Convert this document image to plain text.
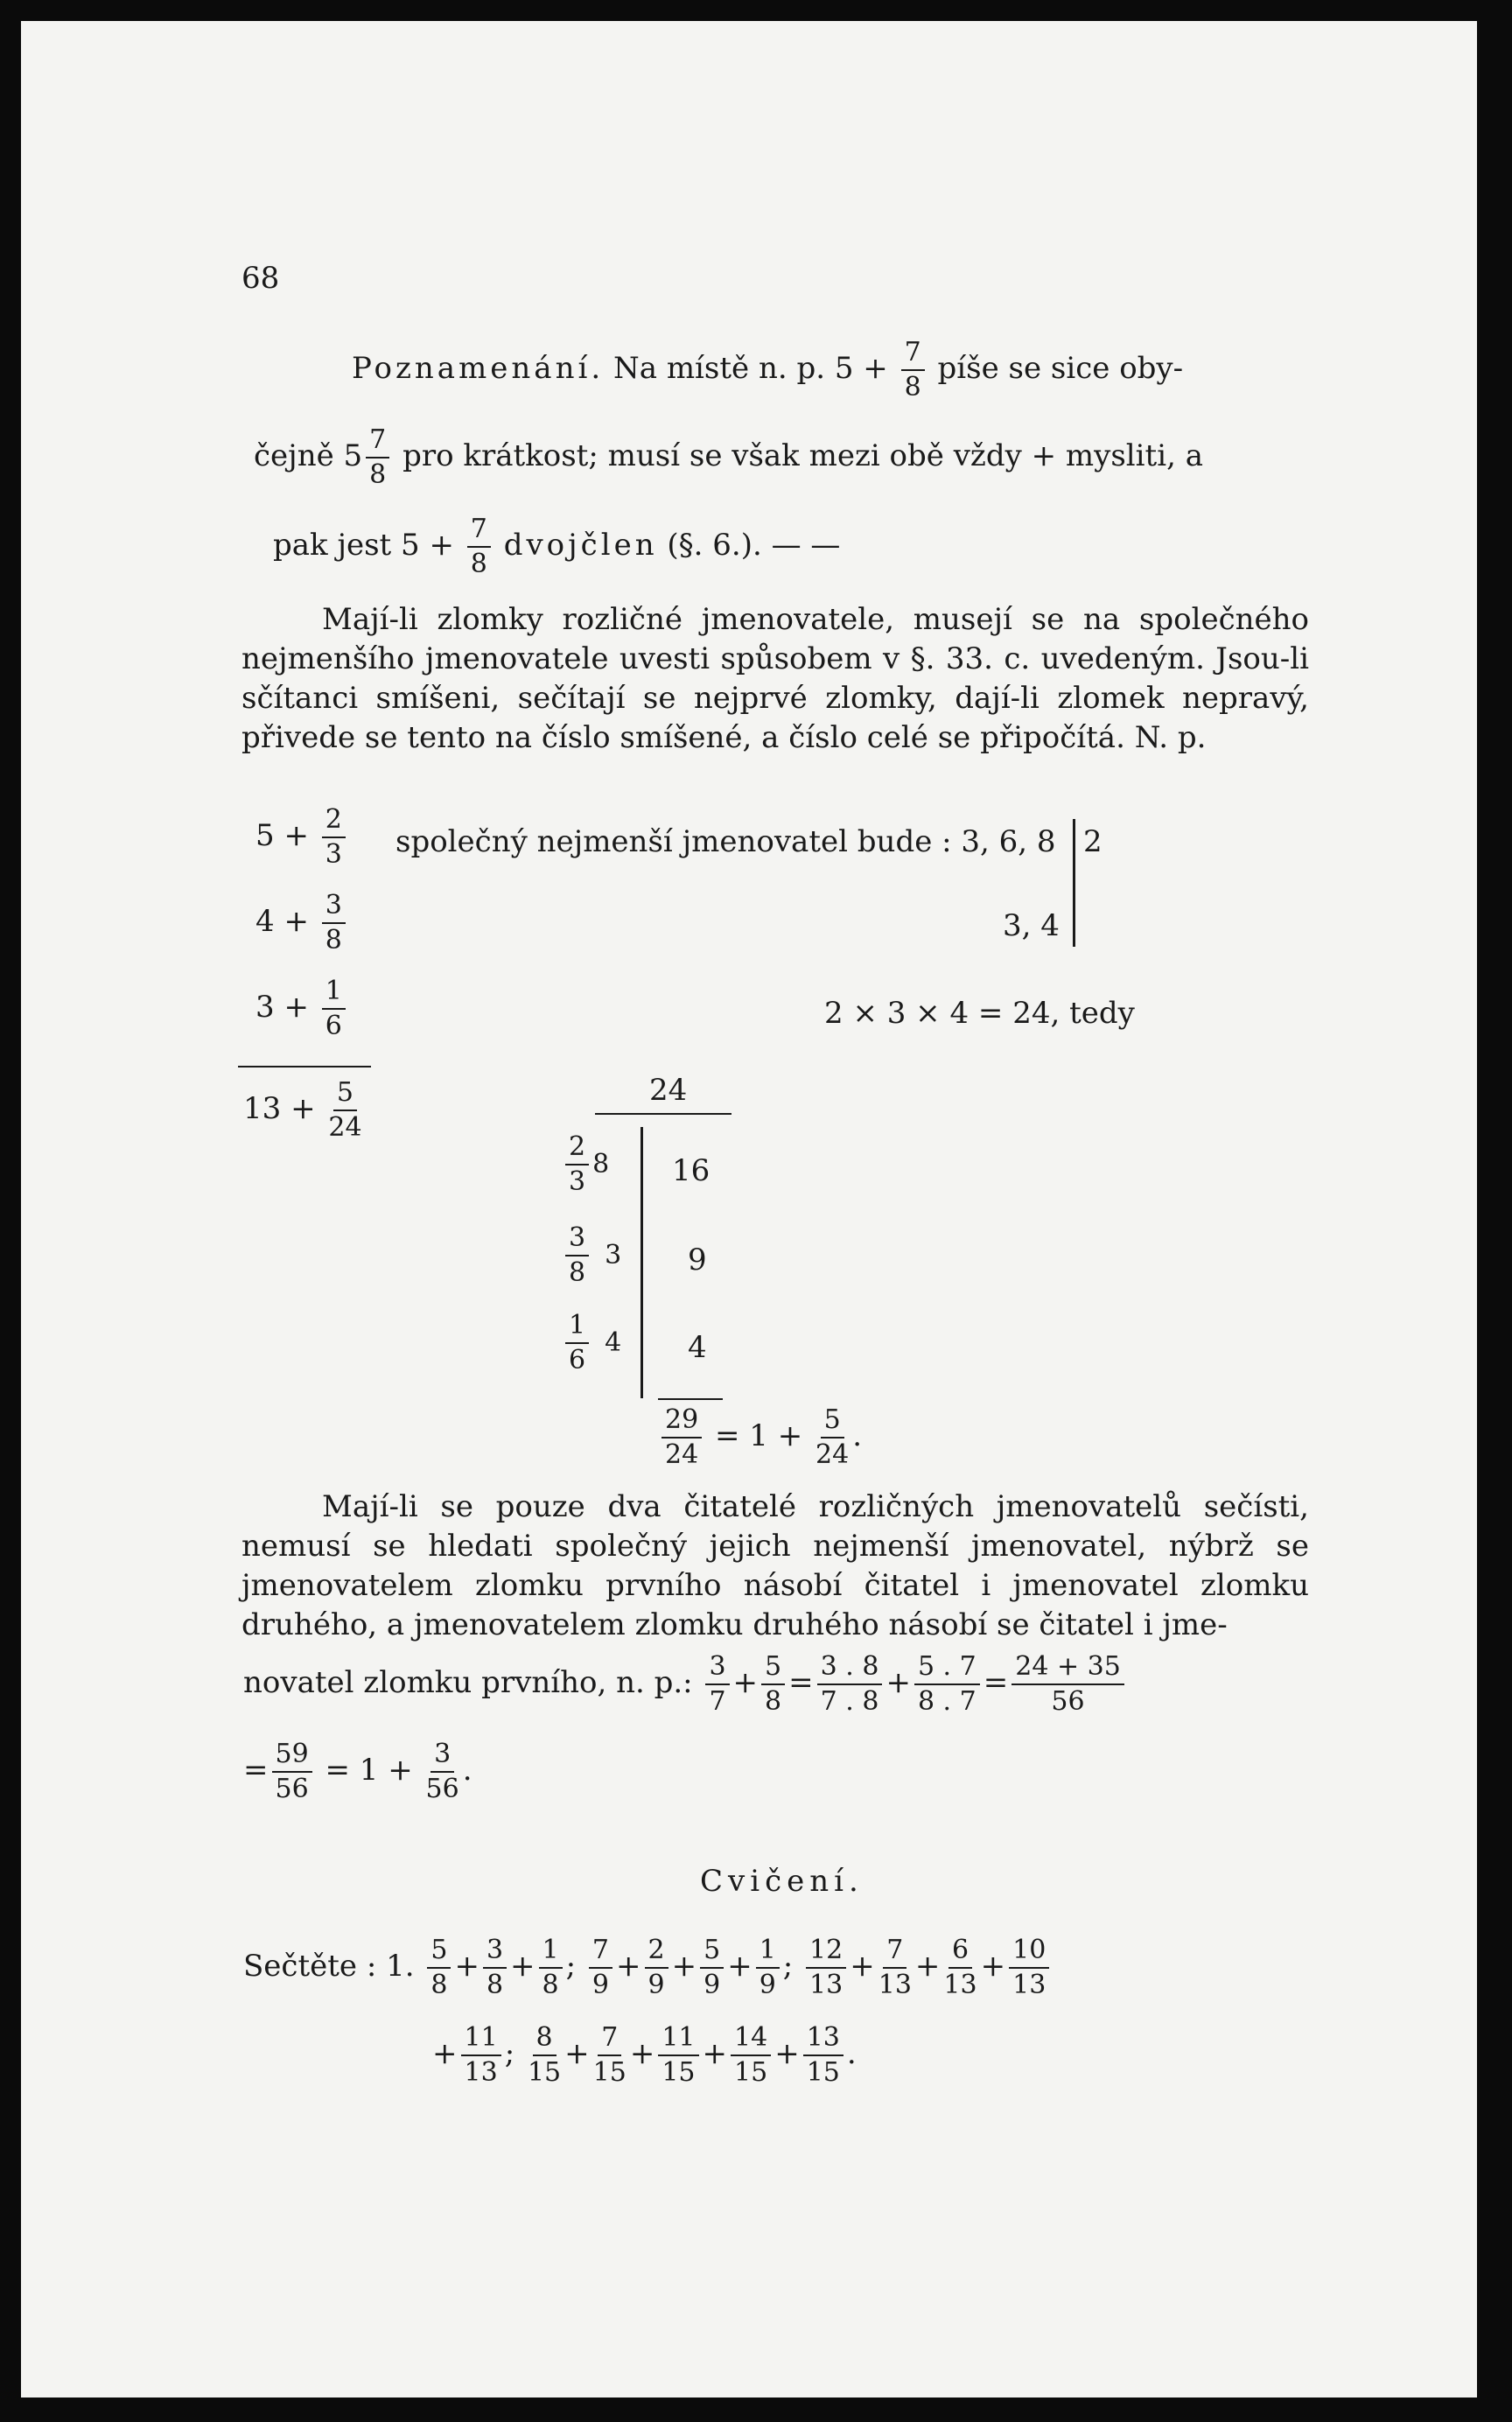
68
Poznamenání. Na místě n. p. $5 + \frac{7}{8}$ píše se sice oby-
čejně $5 \frac{7}{8}$ pro krátkost; musí se však mezi obě vždy + mysliti, a
pak jest $5 + \frac{7}{8}$ dvojčlen (§. 6.). — —
Mají-li zlomky rozličné jmenovatele, musejí se na společného nejmenšího jmenovatele uvesti spůsobem v §. 33. c. uvedeným. Jsou-li sčítanci smíšeni, sečítají se nejprvé zlomky, dají-li zlomek nepravý, přivede se tento na číslo smíšené, a číslo celé se připočítá. N. p.
$5 + \frac{2}{3}$
$4 + \frac{3}{8}$
$3 + \frac{1}{6}$
$13 + \frac{5}{24}$
společný nejmenší jmenovatel bude : 3, 6, 8 2
3, 4
2 × 3 × 4 = 24, tedy
24
$\frac{2}{3} 8$ 16
$\frac{3}{8} 3$ 9
$\frac{1}{6} 4$ 4
$\frac{29}{24} = 1 + \frac{5}{24}$ .
Mají-li se pouze dva čitatelé rozličných jmenovatelů sečísti, nemusí se hledati společný jejich nejmenší jmenovatel, nýbrž se jmenovatelem zlomku prvního násobí čitatel i jmenovatel zlomku druhého, a jmenovatelem zlomku druhého násobí se čitatel i jme-
novatel zlomku prvního, n. p.: $\frac{3}{7} + \frac{5}{8} = \frac{3 . 8}{7 . 8} + \frac{5 . 7}{8 . 7} = \frac{24 + 35}{56}$
= $\frac{59}{56} = 1 + \frac{3}{56}$ .
Cvičení.
Sečtěte : 1. $\frac{5}{8} + \frac{3}{8} + \frac{1}{8}$ ; $\frac{7}{9} + \frac{2}{9} + \frac{5}{9} + \frac{1}{9}$ ; $\frac{12}{13} + \frac{7}{13} + \frac{6}{13} + \frac{10}{13}$
+ $\frac{11}{13}$ ; $\frac{8}{15} + \frac{7}{15} + \frac{11}{15} + \frac{14}{15} + \frac{13}{15}$ .
